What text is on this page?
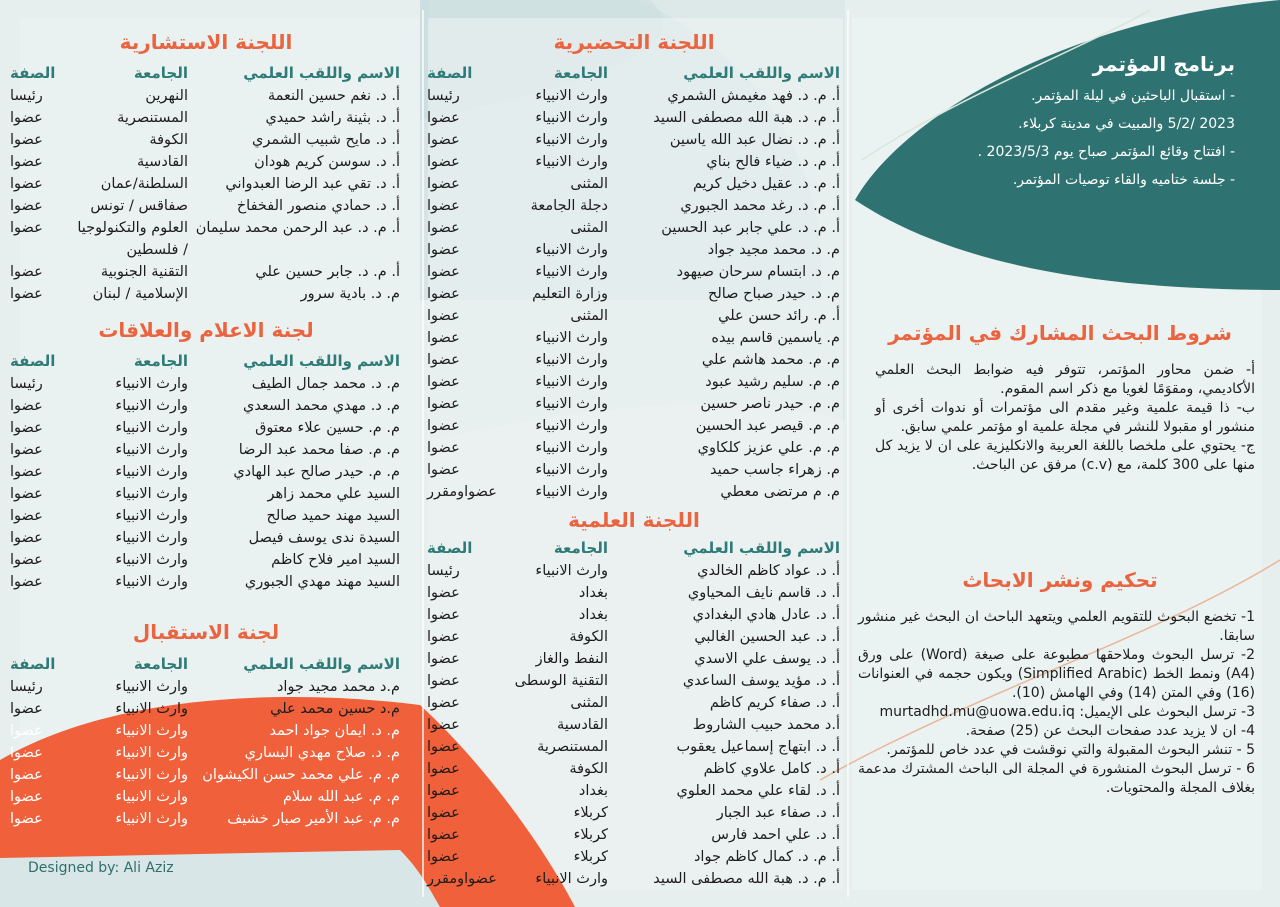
اللجنة الاستشارية
الاسم واللقب العلمي
الجامعة
الصفة
أ. د. نغم حسين النعمة
النهرين
رئيسا
أ. د. بثينة راشد حميدي
المستنصرية
عضوا
أ. د. مايح شبيب الشمري
الكوفة
عضوا
أ. د. سوسن كريم هودان
القادسية
عضوا
أ. د. تقي عبد الرضا العبدواني
السلطنة/عمان
عضوا
أ. د. حمادي منصور الفخفاخ
صفاقس / تونس
عضوا
أ. م. د. عبد الرحمن محمد سليمان
العلوم والتكنولوجيا / فلسطين
عضوا
أ. م. د. جابر حسين علي
التقنية الجنوبية
عضوا
م. د. بادية سرور
الإسلامية / لبنان
عضوا
لجنة الاعلام والعلاقات
الاسم واللقب العلمي
الجامعة
الصفة
م. د. محمد جمال الطيف
وارث الانبياء
رئيسا
م. د. مهدي محمد السعدي
وارث الانبياء
عضوا
م. م. حسين علاء معتوق
وارث الانبياء
عضوا
م. م. صفا محمد عبد الرضا
وارث الانبياء
عضوا
م. م. حيدر صالح عبد الهادي
وارث الانبياء
عضوا
السيد علي محمد زاهر
وارث الانبياء
عضوا
السيد مهند حميد صالح
وارث الانبياء
عضوا
السيدة ندى يوسف فيصل
وارث الانبياء
عضوا
السيد امير فلاح كاظم
وارث الانبياء
عضوا
السيد مهند مهدي الجبوري
وارث الانبياء
عضوا
لجنة الاستقبال
الاسم واللقب العلمي
الجامعة
الصفة
م.د محمد مجيد جواد
وارث الانبياء
رئيسا
م.د حسين محمد علي
وارث الانبياء
عضوا
م. د. ايمان جواد احمد
وارث الانبياء
عضوا
م. د. صلاح مهدي اليساري
وارث الانبياء
عضوا
م. م. علي محمد حسن الكيشوان
وارث الانبياء
عضوا
م. م. عبد الله سلام
وارث الانبياء
عضوا
م. م. عبد الأمير صبار خشيف
وارث الانبياء
عضوا
اللجنة التحضيرية
الاسم واللقب العلمي
الجامعة
الصفة
أ. م. د. فهد مغيمش الشمري
وارث الانبياء
رئيسا
أ. م. د. هبة الله مصطفى السيد
وارث الانبياء
عضوا
أ. م. د. نضال عبد الله ياسين
وارث الانبياء
عضوا
أ. م. د. ضياء فالح بناي
وارث الانبياء
عضوا
أ. م. د. عقيل دخيل كريم
المثنى
عضوا
أ. م. د. رغد محمد الجبوري
دجلة الجامعة
عضوا
أ. م. د. علي جابر عبد الحسين
المثنى
عضوا
م. د. محمد مجيد جواد
وارث الانبياء
عضوا
م. د. ابتسام سرحان صيهود
وارث الانبياء
عضوا
م. د. حيدر صباح صالح
وزارة التعليم
عضوا
أ. م. رائد حسن علي
المثنى
عضوا
م. ياسمين قاسم بيده
وارث الانبياء
عضوا
م. م. محمد هاشم علي
وارث الانبياء
عضوا
م. م. سليم رشيد عبود
وارث الانبياء
عضوا
م. م. حيدر ناصر حسين
وارث الانبياء
عضوا
م. م. قيصر عبد الحسين
وارث الانبياء
عضوا
م. م. علي عزيز كلكاوي
وارث الانبياء
عضوا
م. زهراء جاسب حميد
وارث الانبياء
عضوا
م. م مرتضى معطي
وارث الانبياء
عضواومقرر
اللجنة العلمية
الاسم واللقب العلمي
الجامعة
الصفة
أ. د. عواد كاظم الخالدي
وارث الانبياء
رئيسا
أ. د. قاسم نايف المحياوي
بغداد
عضوا
أ. د. عادل هادي البغدادي
بغداد
عضوا
أ. د. عبد الحسين الغالبي
الكوفة
عضوا
أ. د. يوسف علي الاسدي
النفط والغاز
عضوا
أ. د. مؤيد يوسف الساعدي
التقنية الوسطى
عضوا
أ. د. صفاء كريم كاظم
المثنى
عضوا
أ.د محمد حبيب الشاروط
القادسية
عضوا
أ. د. ابتهاج إسماعيل يعقوب
المستنصرية
عضوا
أ. د. كامل علاوي كاظم
الكوفة
عضوا
أ. د. لقاء علي محمد العلوي
بغداد
عضوا
أ. د. صفاء عبد الجبار
كربلاء
عضوا
أ. د. علي احمد فارس
كربلاء
عضوا
أ. م. د. كمال كاظم جواد
كربلاء
عضوا
أ. م. د. هبة الله مصطفى السيد
وارث الانبياء
عضواومقرر
برنامج المؤتمر
- استقبال الباحثين في ليلة المؤتمر.
2023 /5/2 والمبيت في مدينة كربلاء.
- افتتاح وقائع المؤتمر صباح يوم 2023/5/3 .
- جلسة ختاميه والقاء توصيات المؤتمر.
شروط البحث المشارك في المؤتمر

أ- ضمن محاور المؤتمر، تتوفر فيه ضوابط البحث العلمي الأكاديمي، ومقوَمًا لغويا مع ذكر اسم المقوم.

ب- ذا قيمة علمية وغير مقدم الى مؤتمرات أو ندوات أخرى أو منشور او مقبولا للنشر في مجلة علمية او مؤتمر علمي سابق.

ج- يحتوي على ملخصا باللغة العربية والانكليزية على ان لا يزيد كل منها على 300 كلمة، مع (c.v) مرفق عن الباحث.

تحكيم ونشر الابحاث

1- تخضع البحوث للتقويم العلمي ويتعهد الباحث ان البحث غير منشور سابقا.

2- ترسل البحوث وملاحقها مطبوعة على صيغة (Word) على ورق (A4) ونمط الخط (Simplified Arabic) ويكون حجمه في العنوانات (16) وفي المتن (14) وفي الهامش (10).

3- ترسل البحوث على الإيميل: murtadhd.mu@uowa.edu.iq

4- ان لا يزيد عدد صفحات البحث عن (25) صفحة.

5 - تنشر البحوث المقبولة والتي نوقشت في عدد خاص للمؤتمر.

6 - ترسل البحوث المنشورة في المجلة الى الباحث المشترك مدعمة بغلاف المجلة والمحتويات.

Designed by: Ali Aziz
